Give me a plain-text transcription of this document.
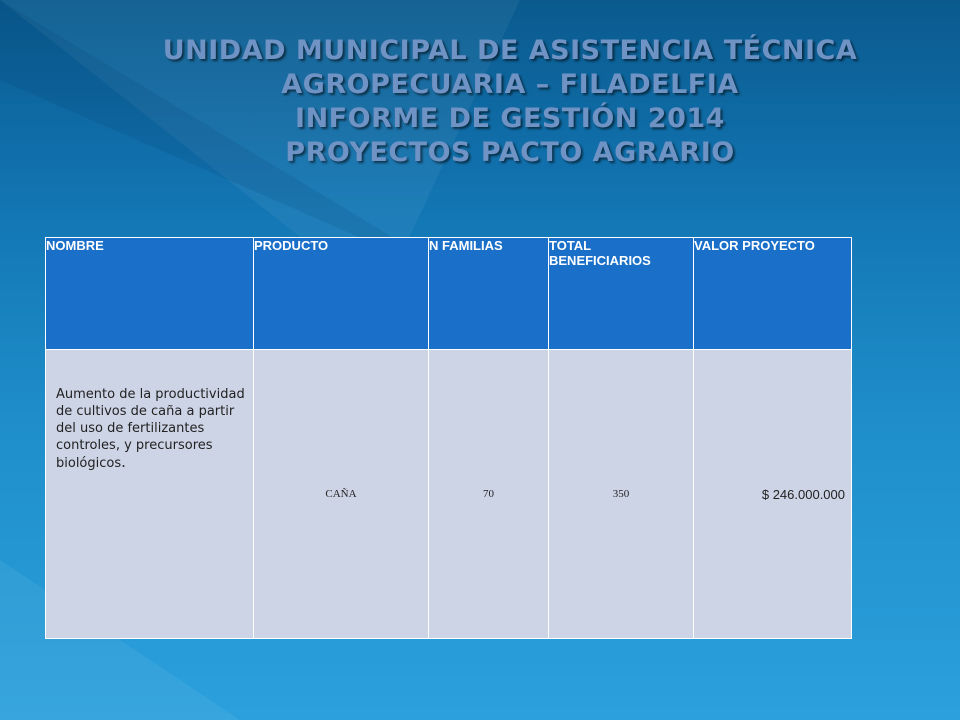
UNIDAD MUNICIPAL DE ASISTENCIA TÉCNICA
AGROPECUARIA – FILADELFIA
INFORME DE GESTIÓN 2014
PROYECTOS PACTO AGRARIO
NOMBRE	PRODUCTO	N FAMILIAS	TOTAL BENEFICIARIOS	VALOR PROYECTO
Aumento de la productividad de cultivos de caña a partir del uso de fertilizantes controles, y precursores biológicos.	CAÑA	70	350	$ 246.000.000
